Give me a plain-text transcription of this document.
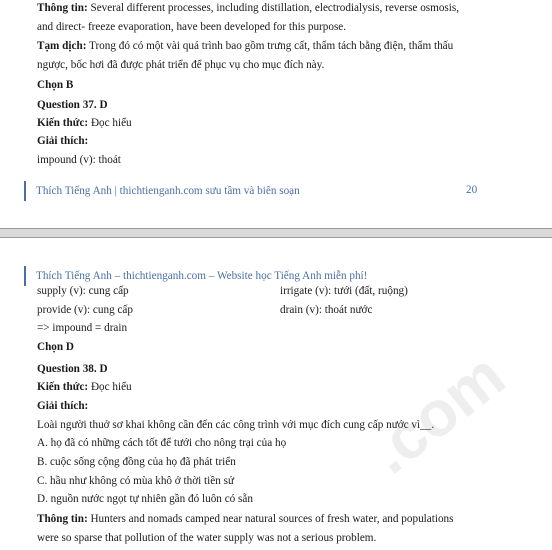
Thông tin: Several different processes, including distillation, electrodialysis, reverse osmosis,
and direct- freeze evaporation, have been developed for this purpose.
Tạm dịch: Trong đó có một vài quá trình bao gồm trưng cất, thẩm tách bằng điện, thẩm thấu
ngược, bốc hơi đã được phát triển để phục vụ cho mục đích này.
Chọn B
Question 37. D
Kiến thức: Đọc hiểu
Giải thích:
impound (v): thoát
Thích Tiếng Anh | thichtienganh.com sưu tầm và biên soạn	20
Thích Tiếng Anh – thichtienganh.com – Website học Tiếng Anh miễn phí!
supply (v): cung cấp	irrigate (v): tưới (đất, ruộng)
provide (v): cung cấp	drain (v): thoát nước
=> impound = drain
Chọn D
Question 38. D
Kiến thức: Đọc hiểu
Giải thích:
Loài người thuở sơ khai không cần đến các công trình với mục đích cung cấp nước vì__.
A. họ đã có những cách tốt để tưới cho nông trại của họ
B. cuộc sống cộng đồng của họ đã phát triển
C. hầu như không có mùa khô ở thời tiền sử
D. nguồn nước ngọt tự nhiên gần đó luôn có sẵn
Thông tin: Hunters and nomads camped near natural sources of fresh water, and populations
were so sparse that pollution of the water supply was not a serious problem.
